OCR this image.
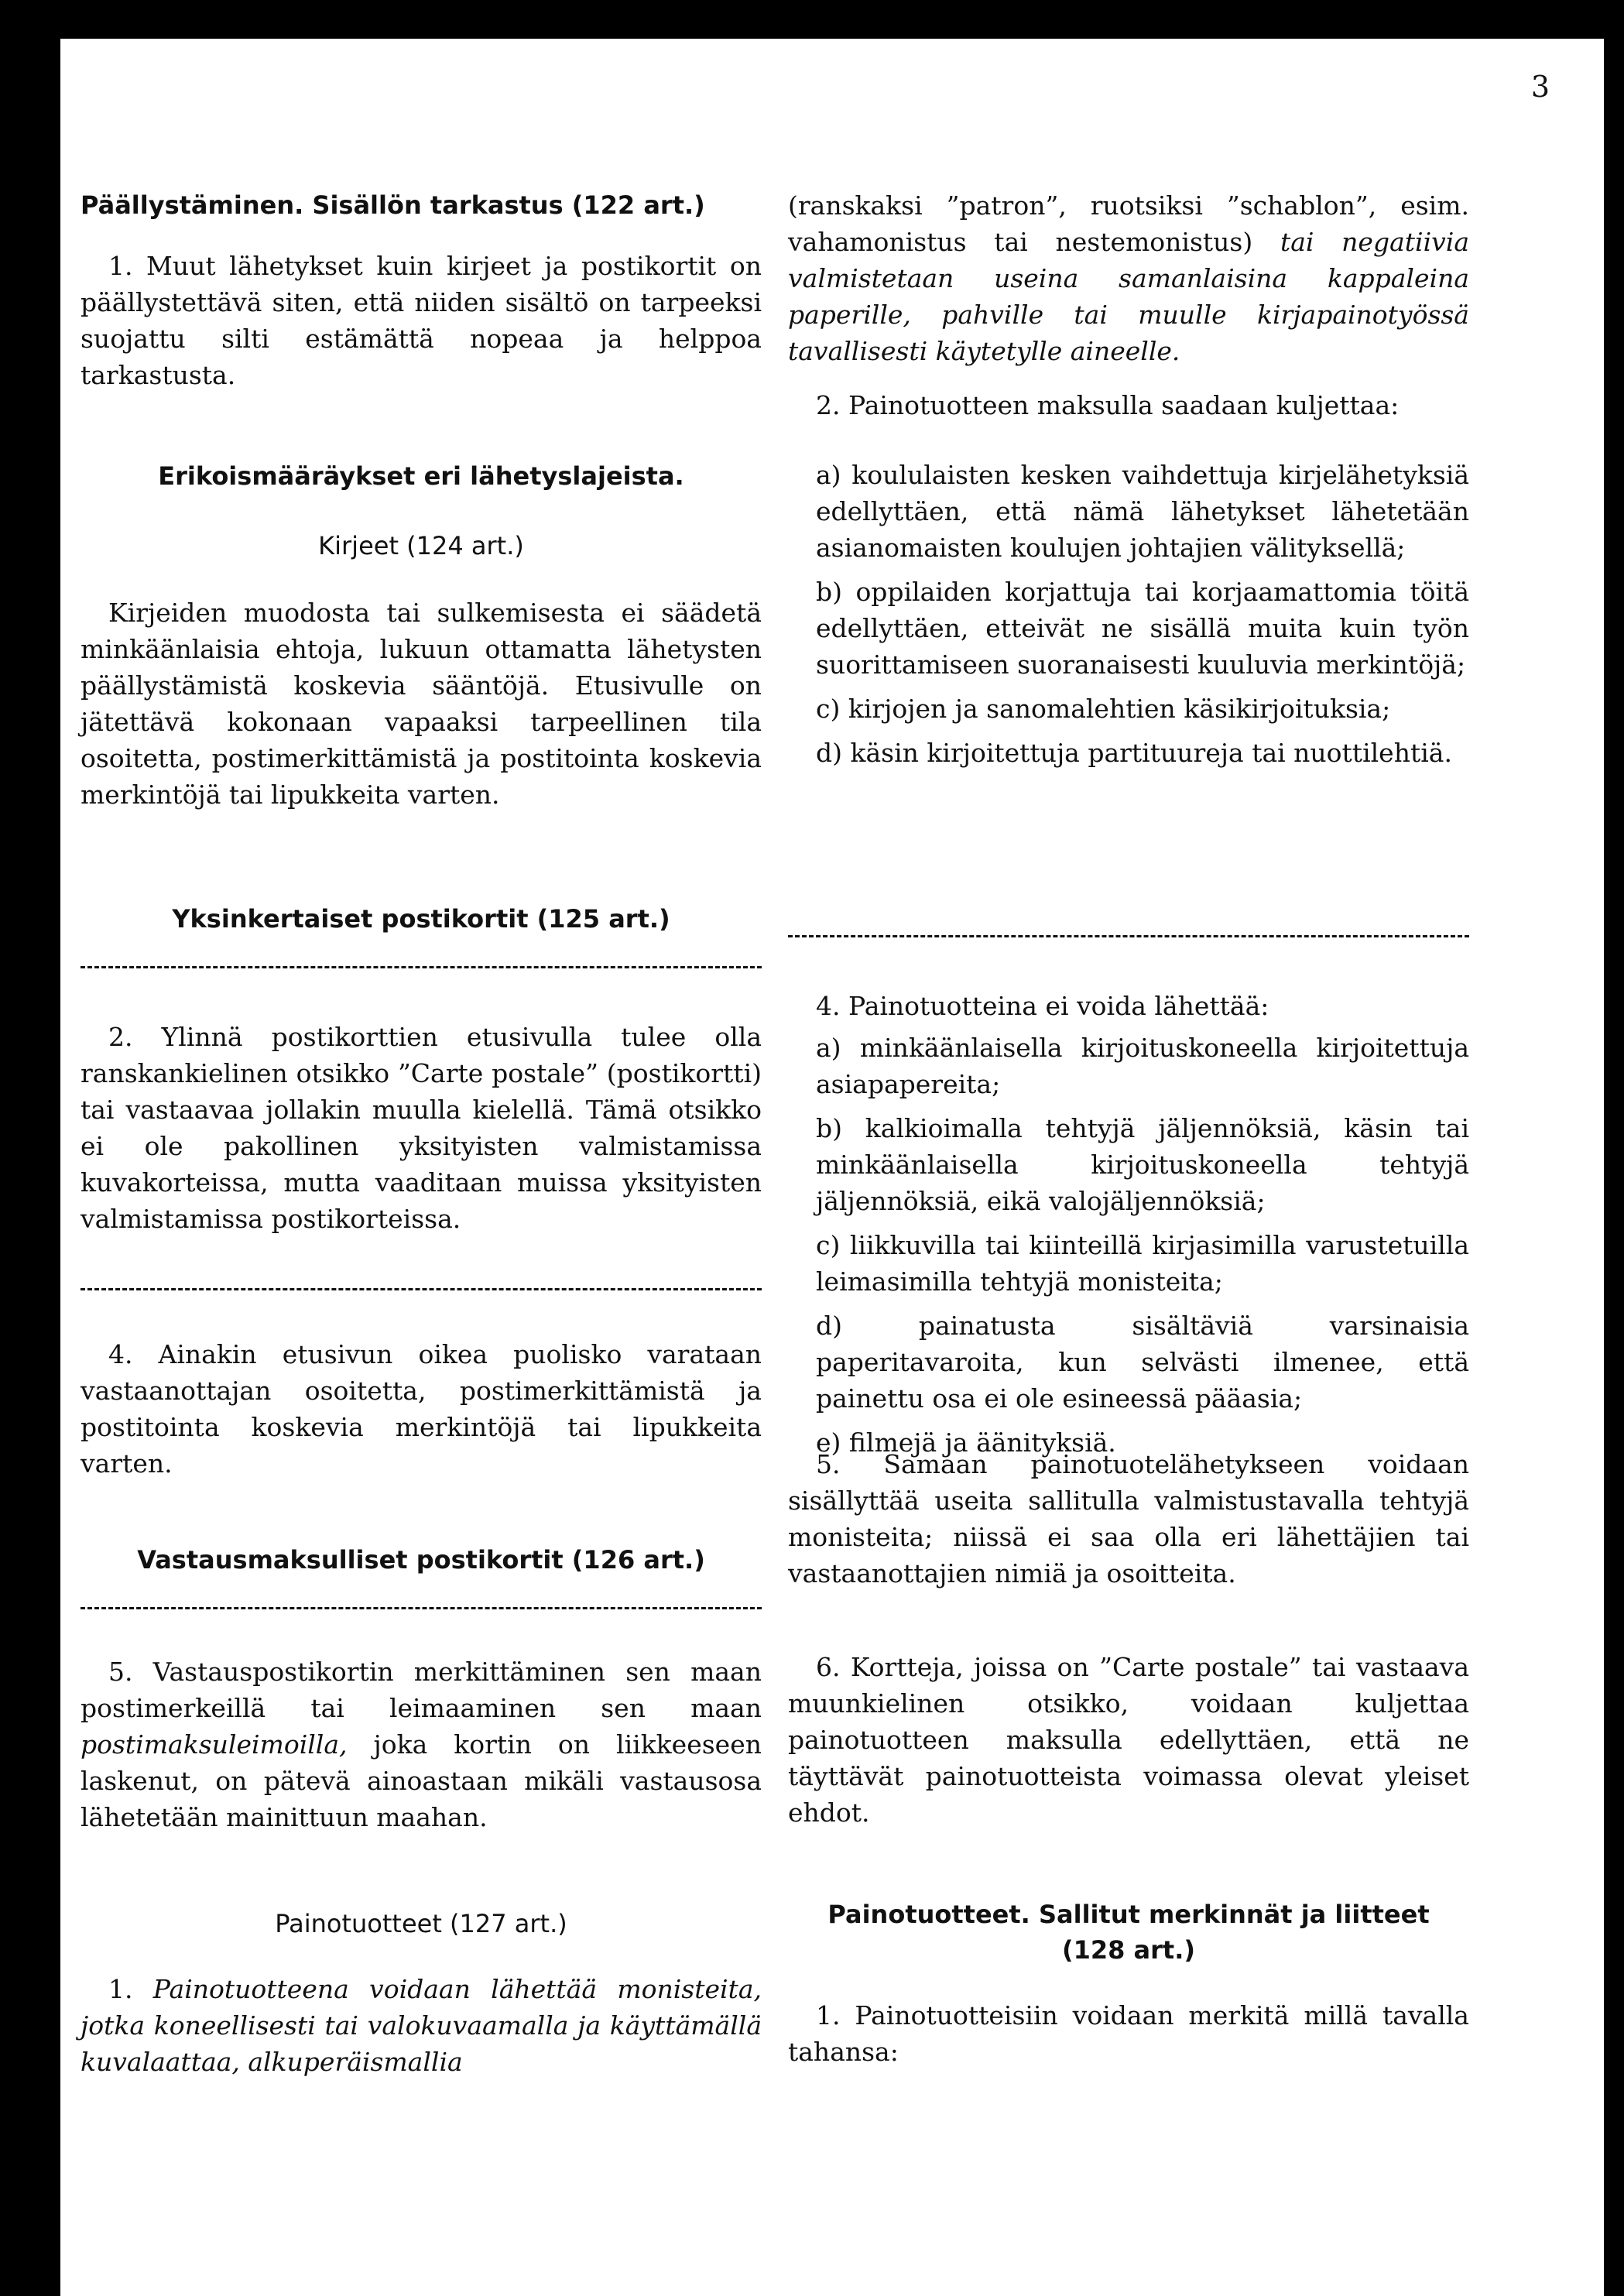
3
Päällystäminen. Sisällön tarkastus (122 art.)

1. Muut lähetykset kuin kirjeet ja postikortit on päällystettävä siten, että niiden sisältö on tarpeeksi suojattu silti estämättä nopeaa ja helppoa tarkastusta.

Erikoismääräykset eri lähetyslajeista.
Kirjeet (124 art.)

Kirjeiden muodosta tai sulkemisesta ei säädetä minkäänlaisia ehtoja, lukuun ottamatta lähetysten päällystämistä koskevia sääntöjä. Etusivulle on jätettävä kokonaan vapaaksi tarpeellinen tila osoitetta, postimerkittämistä ja postitointa koskevia merkintöjä tai lipukkeita varten.

Yksinkertaiset postikortit (125 art.)

2. Ylinnä postikorttien etusivulla tulee olla ranskankielinen otsikko ”Carte postale” (postikortti) tai vastaavaa jollakin muulla kielellä. Tämä otsikko ei ole pakollinen yksityisten valmistamissa kuvakorteissa, mutta vaaditaan muissa yksityisten valmistamissa postikorteissa.

4. Ainakin etusivun oikea puolisko varataan vastaanottajan osoitetta, postimerkittämistä ja postitointa koskevia merkintöjä tai lipukkeita varten.

Vastausmaksulliset postikortit (126 art.)

5. Vastauspostikortin merkittäminen sen maan postimerkeillä tai leimaaminen sen maan postimaksuleimoilla, joka kortin on liikkeeseen laskenut, on pätevä ainoastaan mikäli vastausosa lähetetään mainittuun maahan.

Painotuotteet (127 art.)

1. Painotuotteena voidaan lähettää monisteita, jotka koneellisesti tai valokuvaamalla ja käyttämällä kuvalaattaa, alkuperäismallia

(ranskaksi ”patron”, ruotsiksi ”schablon”, esim. vahamonistus tai nestemonistus) tai negatiivia valmistetaan useina samanlaisina kappaleina paperille, pahville tai muulle kirjapainotyössä tavallisesti käytetylle aineelle.

2. Painotuotteen maksulla saadaan kuljettaa:

a) koululaisten kesken vaihdettuja kirjelähetyksiä edellyttäen, että nämä lähetykset lähetetään asianomaisten koulujen johtajien välityksellä;

b) oppilaiden korjattuja tai korjaamattomia töitä edellyttäen, etteivät ne sisällä muita kuin työn suorittamiseen suoranaisesti kuuluvia merkintöjä;

c) kirjojen ja sanomalehtien käsikirjoituksia;

d) käsin kirjoitettuja partituureja tai nuottilehtiä.

4. Painotuotteina ei voida lähettää:

a) minkäänlaisella kirjoituskoneella kirjoitettuja asiapapereita;

b) kalkioimalla tehtyjä jäljennöksiä, käsin tai minkäänlaisella kirjoituskoneella tehtyjä jäljennöksiä, eikä valojäljennöksiä;

c) liikkuvilla tai kiinteillä kirjasimilla varustetuilla leimasimilla tehtyjä monisteita;

d) painatusta sisältäviä varsinaisia paperitavaroita, kun selvästi ilmenee, että painettu osa ei ole esineessä pääasia;

e) filmejä ja äänityksiä.

5. Samaan painotuotelähetykseen voidaan sisällyttää useita sallitulla valmistustavalla tehtyjä monisteita; niissä ei saa olla eri lähettäjien tai vastaanottajien nimiä ja osoitteita.

6. Kortteja, joissa on ”Carte postale” tai vastaava muunkielinen otsikko, voidaan kuljettaa painotuotteen maksulla edellyttäen, että ne täyttävät painotuotteista voimassa olevat yleiset ehdot.

Painotuotteet. Sallitut merkinnät ja liitteet
(128 art.)

1. Painotuotteisiin voidaan merkitä millä tavalla tahansa:
